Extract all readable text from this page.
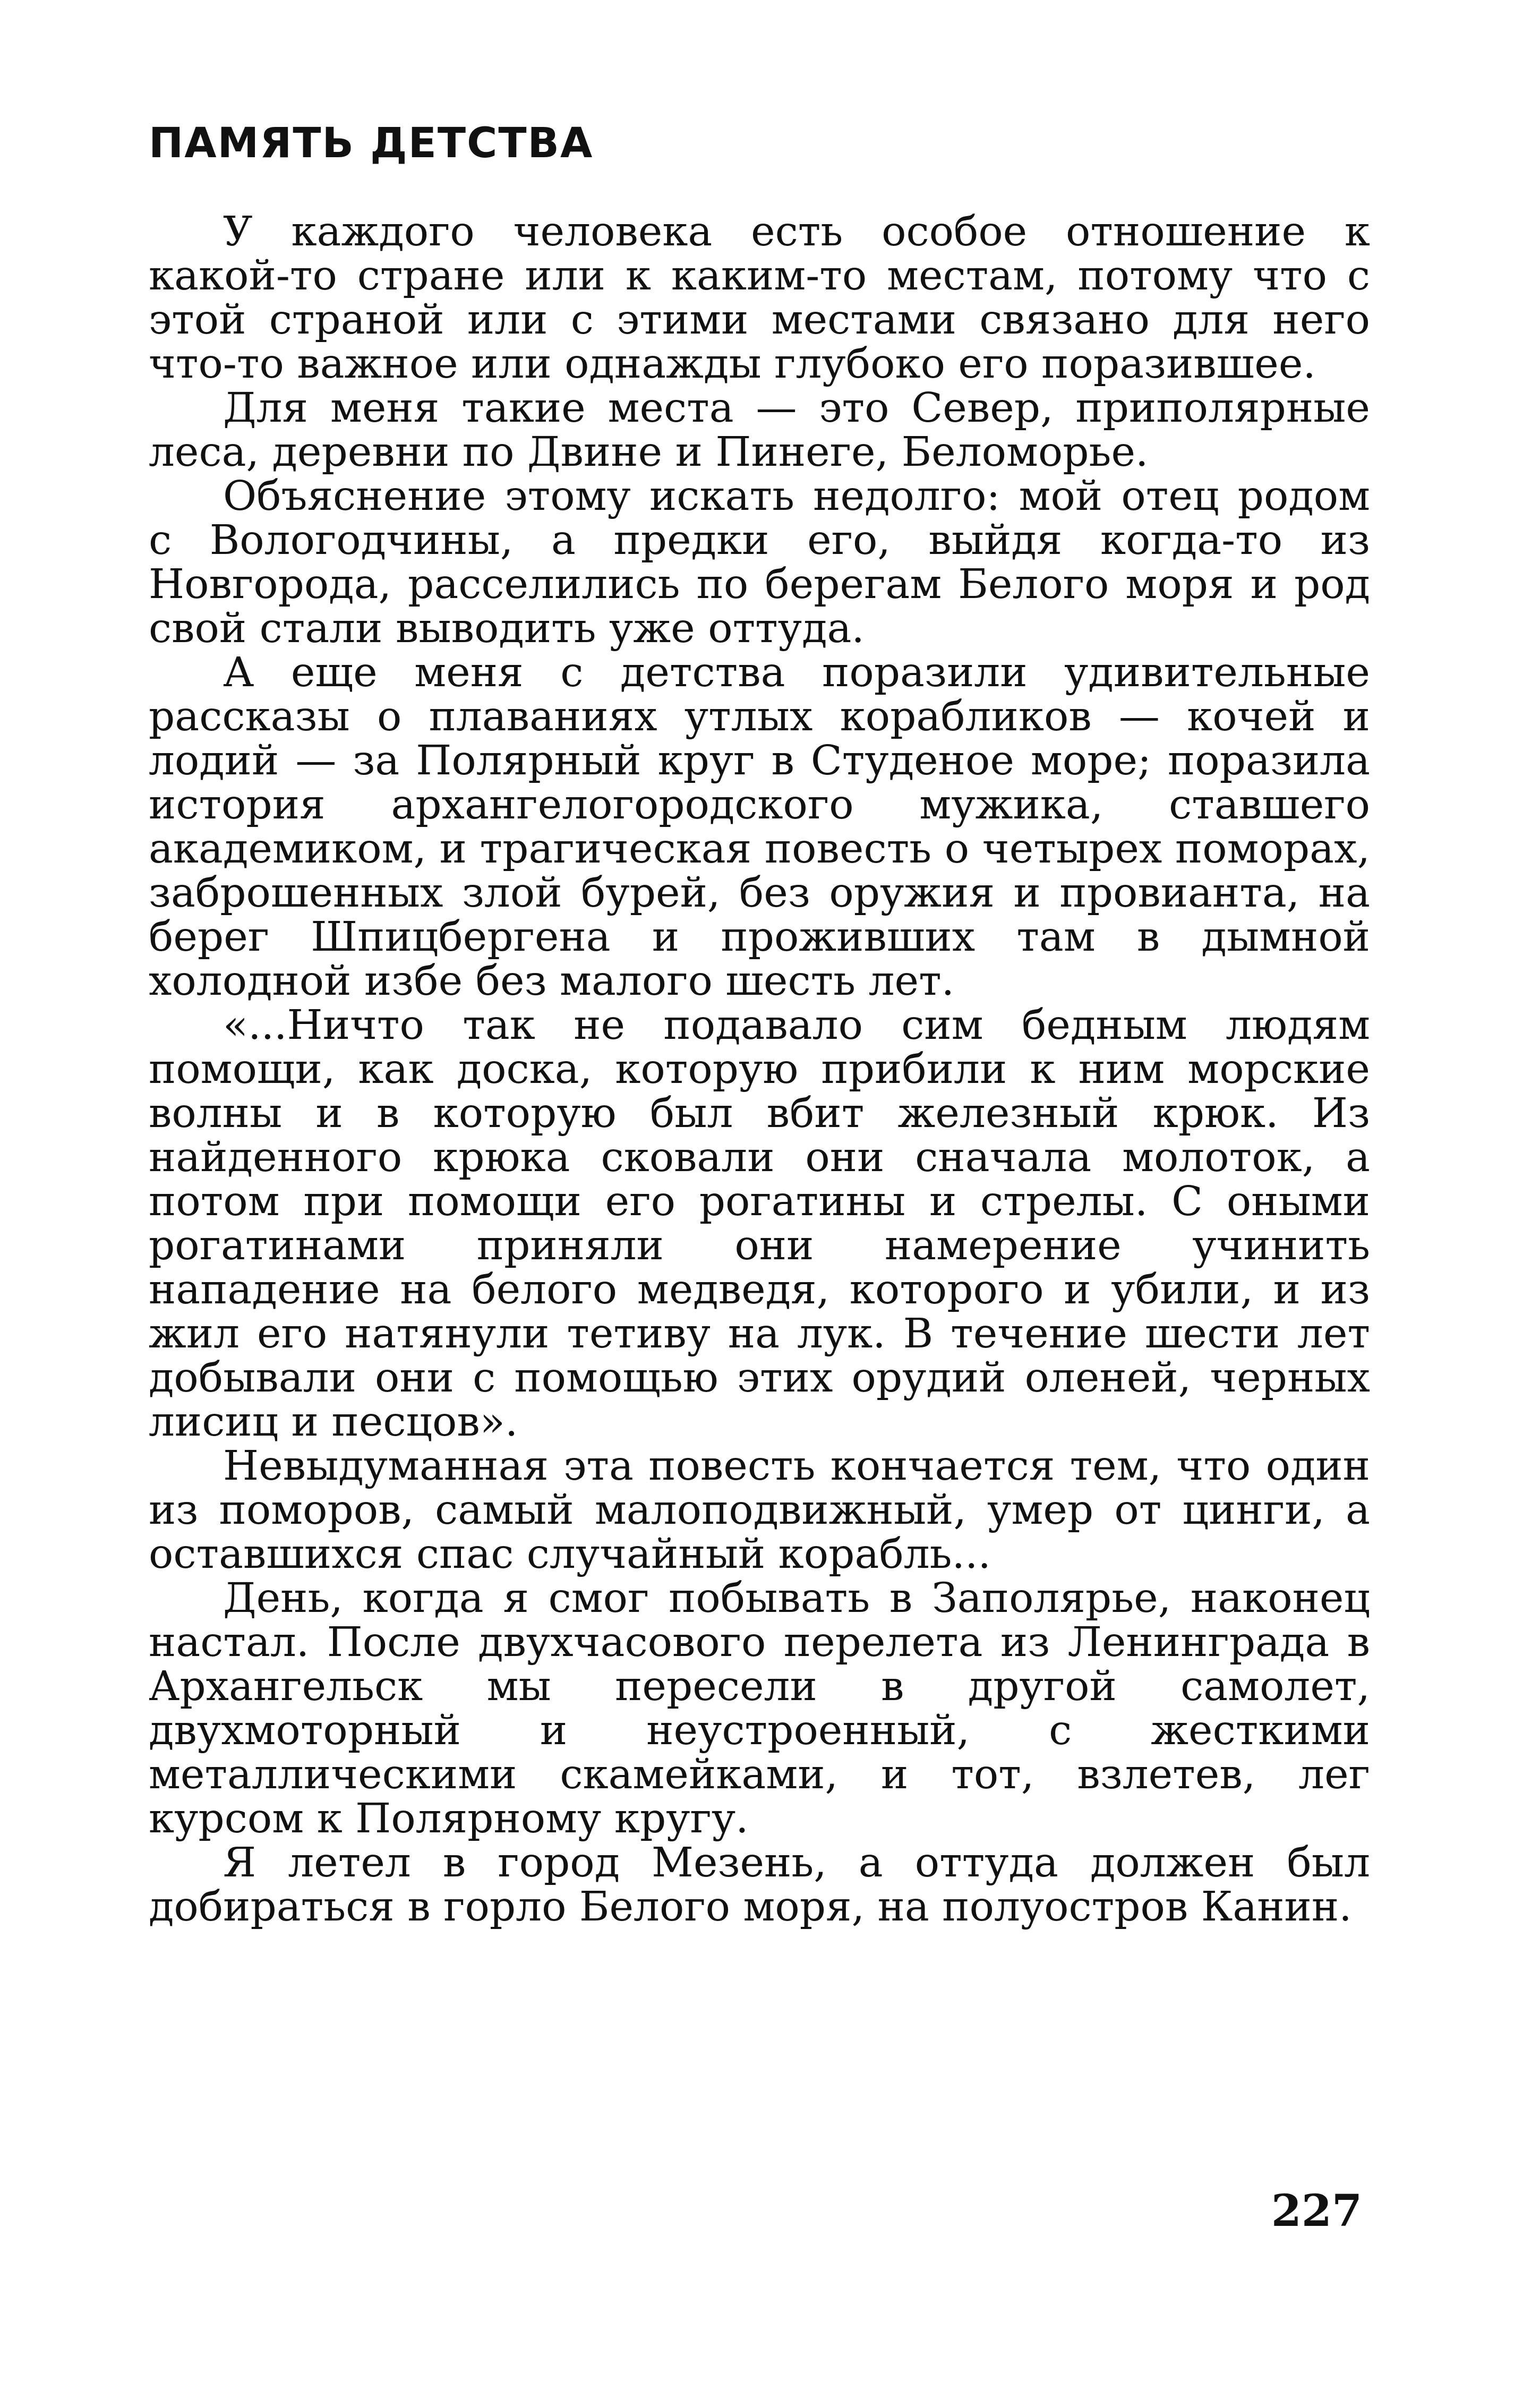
ПАМЯТЬ ДЕТСТВА

У каждого человека есть особое отношение к какой-то стране или к каким-то местам, потому что с этой страной или с этими местами связано для него что-то важное или однажды глубоко его поразившее.

Для меня такие места — это Север, приполярные леса, деревни по Двине и Пинеге, Беломорье.

Объяснение этому искать недолго: мой отец родом с Вологодчины, а предки его, выйдя когда-то из Новгорода, расселились по берегам Белого моря и род свой стали выводить уже оттуда.

А еще меня с детства поразили удивительные рассказы о плаваниях утлых корабликов — кочей и лодий — за Полярный круг в Студеное море; поразила история архангелогородского мужика, ставшего академиком, и трагическая повесть о четырех поморах, заброшенных злой бурей, без оружия и провианта, на берег Шпицбергена и проживших там в дымной холодной избе без малого шесть лет.

«...Ничто так не подавало сим бедным людям помощи, как доска, которую прибили к ним морские волны и в которую был вбит железный крюк. Из найденного крюка сковали они сначала молоток, а потом при помощи его рогатины и стрелы. С оными рогатинами приняли они намерение учинить нападение на белого медведя, которого и убили, и из жил его натянули тетиву на лук. В течение шести лет добывали они с помощью этих орудий оленей, черных лисиц и песцов».

Невыдуманная эта повесть кончается тем, что один из поморов, самый малоподвижный, умер от цинги, а оставшихся спас случайный корабль...

День, когда я смог побывать в Заполярье, наконец настал. После двухчасового перелета из Ленинграда в Архангельск мы пересели в другой самолет, двухмоторный и неустроенный, с жесткими металлическими скамейками, и тот, взлетев, лег курсом к Полярному кругу.

Я летел в город Мезень, а оттуда должен был добираться в горло Белого моря, на полуостров Канин.

227
